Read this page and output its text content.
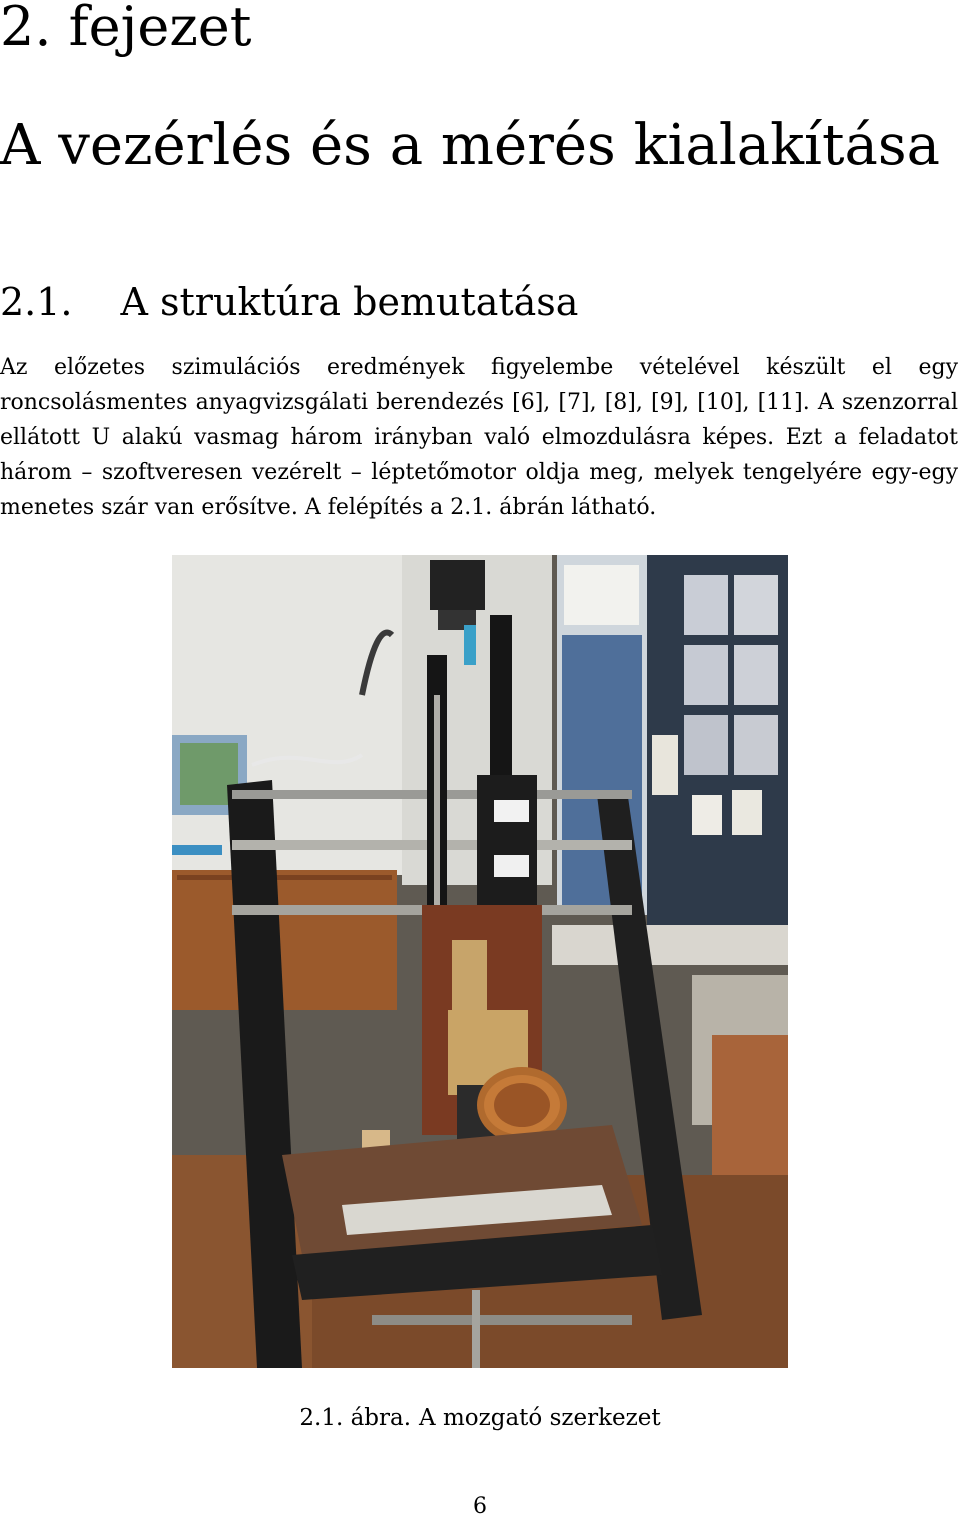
2. fejezet
A vezérlés és a mérés kialakítása
2.1. A struktúra bemutatása

Az előzetes szimulációs eredmények figyelembe vételével készült el egy roncsolásmentes anyagvizsgálati berendezés [6], [7], [8], [9], [10], [11]. A szenzorral ellátott U alakú vasmag három irányban való elmozdulásra képes. Ezt a feladatot három – szoftveresen vezérelt – léptetőmotor oldja meg, melyek tengelyére egy-egy menetes szár van erősítve. A felépítés a 2.1. ábrán látható.

2.1. ábra. A mozgató szerkezet
6
